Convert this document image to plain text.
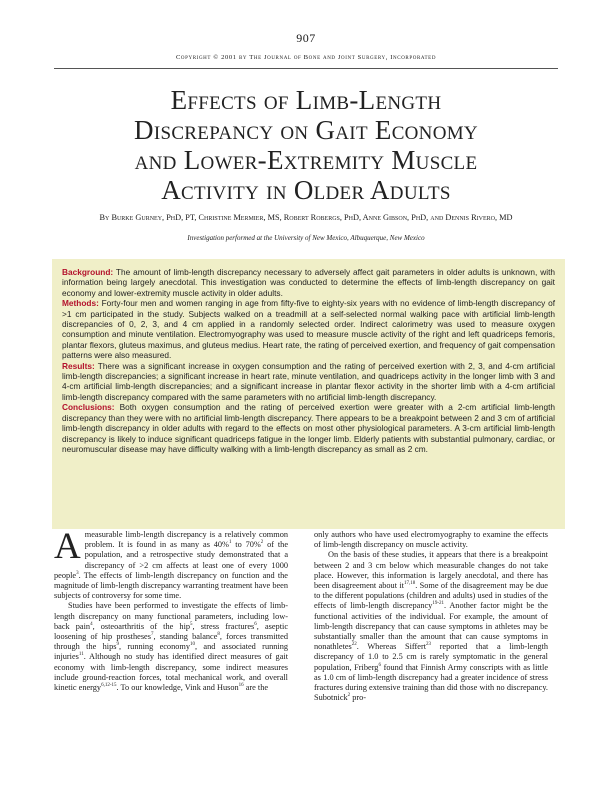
907
Copyright © 2001 by The Journal of Bone and Joint Surgery, Incorporated
Effects of Limb-Length
Discrepancy on Gait Economy
and Lower-Extremity Muscle
Activity in Older Adults
By Burke Gurney, PhD, PT, Christine Mermier, MS, Robert Robergs, PhD, Anne Gibson, PhD, and Dennis Rivero, MD
Investigation performed at the University of New Mexico, Albuquerque, New Mexico

Background: The amount of limb-length discrepancy necessary to adversely affect gait parameters in older adults is unknown, with information being largely anecdotal. This investigation was conducted to determine the effects of limb-length discrepancy on gait economy and lower-extremity muscle activity in older adults.

Methods: Forty-four men and women ranging in age from fifty-five to eighty-six years with no evidence of limb-length discrepancy of >1 cm participated in the study. Subjects walked on a treadmill at a self-selected normal walking pace with artificial limb-length discrepancies of 0, 2, 3, and 4 cm applied in a randomly selected order. Indirect calorimetry was used to measure oxygen consumption and minute ventilation. Electromyography was used to measure muscle activity of the right and left quadriceps femoris, plantar flexors, gluteus maximus, and gluteus medius. Heart rate, the rating of perceived exertion, and frequency of gait compensation patterns were also measured.

Results: There was a significant increase in oxygen consumption and the rating of perceived exertion with 2, 3, and 4-cm artificial limb-length discrepancies; a significant increase in heart rate, minute ventilation, and quadriceps activity in the longer limb with 3 and 4-cm artificial limb-length discrepancies; and a significant increase in plantar flexor activity in the shorter limb with a 4-cm artificial limb-length discrepancy compared with the same parameters with no artificial limb-length discrepancy.

Conclusions: Both oxygen consumption and the rating of perceived exertion were greater with a 2-cm artificial limb-length discrepancy than they were with no artificial limb-length discrepancy. There appears to be a breakpoint between 2 and 3 cm of artificial limb-length discrepancy in older adults with regard to the effects on most other physiological parameters. A 3-cm artificial limb-length discrepancy is likely to induce significant quadriceps fatigue in the longer limb. Elderly patients with substantial pulmonary, cardiac, or neuromuscular disease may have difficulty walking with a limb-length discrepancy as small as 2 cm.

A measurable limb-length discrepancy is a relatively common problem. It is found in as many as 40%$^1$ to 70%$^2$ of the population, and a retrospective study demonstrated that a discrepancy of >2 cm affects at least one of every 1000 people$^3$. The effects of limb-length discrepancy on function and the magnitude of limb-length discrepancy warranting treatment have been subjects of controversy for some time.

Studies have been performed to investigate the effects of limb-length discrepancy on many functional parameters, including low-back pain$^4$, osteoarthritis of the hip$^5$, stress fractures$^6$, aseptic loosening of hip prostheses$^7$, standing balance$^8$, forces transmitted through the hips$^9$, running economy$^{10}$, and associated running injuries$^{11}$. Although no study has identified direct measures of gait economy with limb-length discrepancy, some indirect measures include ground-reaction forces, total mechanical work, and overall kinetic energy$^{6,12-15}$. To our knowledge, Vink and Huson$^{16}$ are the

only authors who have used electromyography to examine the effects of limb-length discrepancy on muscle activity.

On the basis of these studies, it appears that there is a breakpoint between 2 and 3 cm below which measurable changes do not take place. However, this information is largely anecdotal, and there has been disagreement about it$^{17,18}$. Some of the disagreement may be due to the different populations (children and adults) used in studies of the effects of limb-length discrepancy$^{19-21}$. Another factor might be the functional activities of the individual. For example, the amount of limb-length discrepancy that can cause symptoms in athletes may be substantially smaller than the amount that can cause symptoms in nonathletes$^{22}$. Whereas Siffert$^{23}$ reported that a limb-length discrepancy of 1.0 to 2.5 cm is rarely symptomatic in the general population, Friberg$^6$ found that Finnish Army conscripts with as little as 1.0 cm of limb-length discrepancy had a greater incidence of stress fractures during extensive training than did those with no discrepancy. Subotnick$^2$ pro-
